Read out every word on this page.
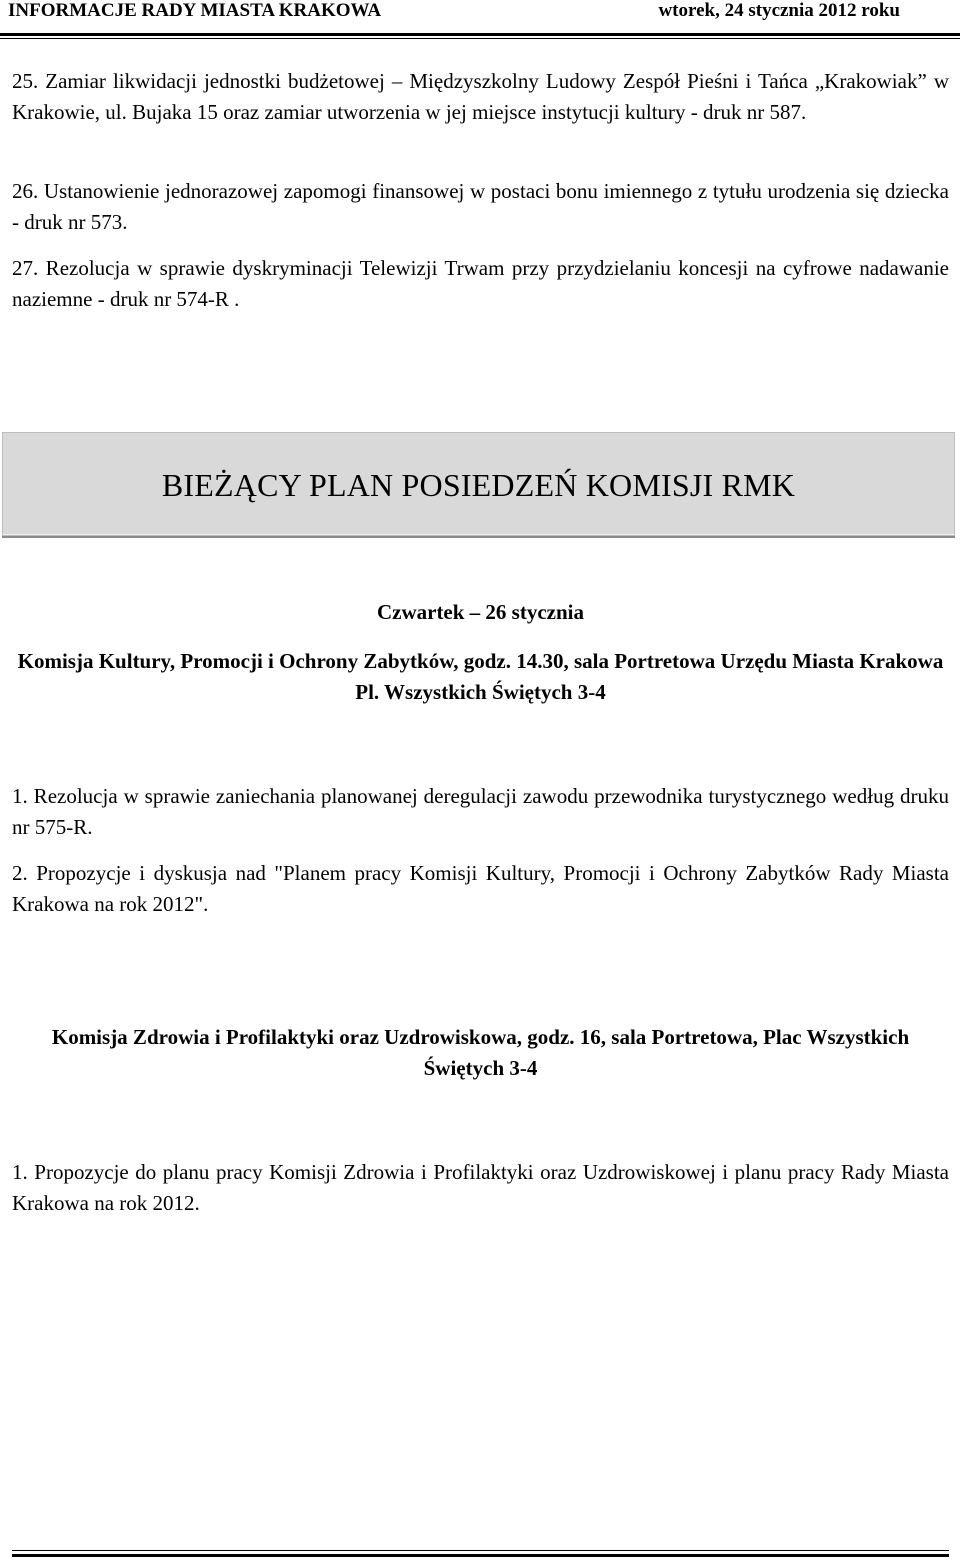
INFORMACJE RADY MIASTA KRAKOWA	wtorek, 24 stycznia 2012 roku
25. Zamiar likwidacji jednostki budżetowej – Międzyszkolny Ludowy Zespół Pieśni i Tańca „Krakowiak” w Krakowie, ul. Bujaka 15 oraz zamiar utworzenia w jej miejsce instytucji kultury - druk nr 587.
26. Ustanowienie jednorazowej zapomogi finansowej w postaci bonu imiennego z tytułu urodzenia się dziecka - druk nr 573.
27. Rezolucja w sprawie dyskryminacji Telewizji Trwam przy przydzielaniu koncesji na cyfrowe nadawanie naziemne - druk nr 574-R .
BIEŻĄCY PLAN POSIEDZEŃ KOMISJI RMK
Czwartek – 26 stycznia
Komisja Kultury, Promocji i Ochrony Zabytków, godz. 14.30, sala Portretowa Urzędu Miasta Krakowa Pl. Wszystkich Świętych 3-4
1. Rezolucja w sprawie zaniechania planowanej deregulacji zawodu przewodnika turystycznego według druku nr 575-R.
2. Propozycje i dyskusja nad "Planem pracy Komisji Kultury, Promocji i Ochrony Zabytków Rady Miasta Krakowa na rok 2012".
Komisja Zdrowia i Profilaktyki oraz Uzdrowiskowa, godz. 16, sala Portretowa, Plac Wszystkich Świętych 3-4
1. Propozycje do planu pracy Komisji Zdrowia i Profilaktyki oraz Uzdrowiskowej i planu pracy Rady Miasta Krakowa na rok 2012.
